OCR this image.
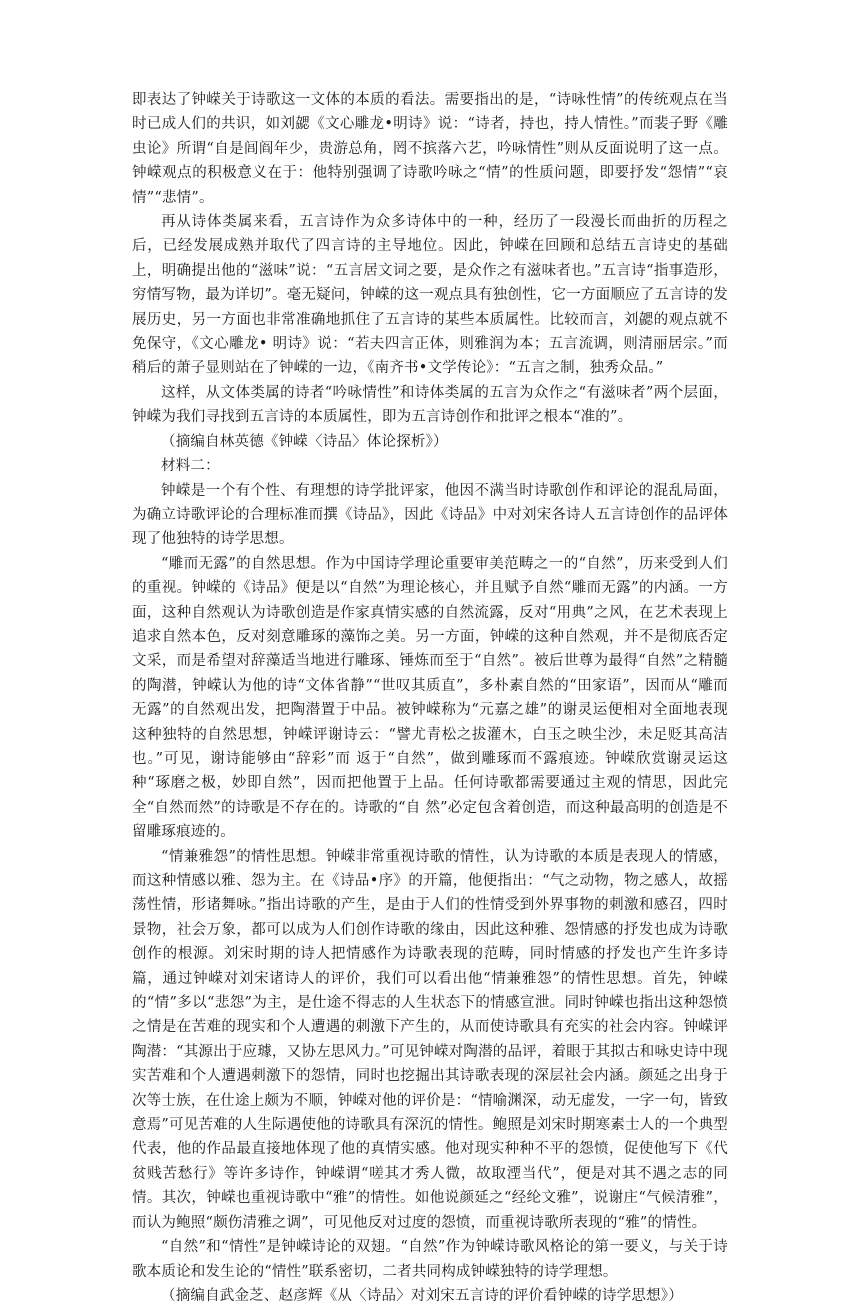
即表达了钟嵘关于诗歌这一文体的本质的看法。需要指出的是，“诗咏性情”的传统观点在当时已成人们的共识，如刘勰《文心雕龙•明诗》说：“诗者，持也，持人情性。”而裴子野《雕虫论》所谓“自是闾阎年少，贵游总角，罔不摈落六艺，吟咏情性”则从反面说明了这一点。钟嵘观点的积极意义在于：他特别强调了诗歌吟咏之“情”的性质问题，即要抒发“怨情”“哀情”“悲情”。

再从诗体类属来看，五言诗作为众多诗体中的一种，经历了一段漫长而曲折的历程之后，已经发展成熟并取代了四言诗的主导地位。因此，钟嵘在回顾和总结五言诗史的基础上，明确提出他的“滋味”说：“五言居文词之要，是众作之有滋味者也。”五言诗“指事造形，穷情写物，最为详切”。毫无疑问，钟嵘的这一观点具有独创性，它一方面顺应了五言诗的发展历史，另一方面也非常准确地抓住了五言诗的某些本质属性。比较而言，刘勰的观点就不免保守，《文心雕龙• 明诗》说：“若夫四言正体，则雅润为本；五言流调，则清丽居宗。”而稍后的萧子显则站在了钟嵘的一边，《南齐书•文学传论》：“五言之制，独秀众品。”

这样，从文体类属的诗者“吟咏情性”和诗体类属的五言为众作之“有滋味者”两个层面，钟嵘为我们寻找到五言诗的本质属性，即为五言诗创作和批评之根本“准的”。

（摘编自林英德《钟嵘〈诗品〉体论探析》）

材料二：

钟嵘是一个有个性、有理想的诗学批评家，他因不满当时诗歌创作和评论的混乱局面，为确立诗歌评论的合理标准而撰《诗品》，因此《诗品》中对刘宋各诗人五言诗创作的品评体现了他独特的诗学思想。

“雕而无露”的自然思想。作为中国诗学理论重要审美范畴之一的“自然”，历来受到人们的重视。钟嵘的《诗品》便是以“自然”为理论核心，并且赋予自然“雕而无露”的内涵。一方面，这种自然观认为诗歌创造是作家真情实感的自然流露，反对“用典”之风，在艺术表现上追求自然本色，反对刻意雕琢的藻饰之美。另一方面，钟嵘的这种自然观，并不是彻底否定文采，而是希望对辞藻适当地进行雕琢、锤炼而至于“自然”。被后世尊为最得“自然”之精髓的陶潜，钟嵘认为他的诗“文体省静”“世叹其质直”，多朴素自然的“田家语”，因而从“雕而无露”的自然观出发，把陶潜置于中品。被钟嵘称为“元嘉之雄”的谢灵运便相对全面地表现这种独特的自然思想，钟嵘评谢诗云：“譬尤青松之拔灌木，白玉之映尘沙，未足贬其高洁也。”可见，谢诗能够由“辞彩”而 返于“自然”，做到雕琢而不露痕迹。钟嵘欣赏谢灵运这种“琢磨之极，妙即自然”，因而把他置于上品。任何诗歌都需要通过主观的情思，因此完全“自然而然”的诗歌是不存在的。诗歌的“自 然”必定包含着创造，而这种最高明的创造是不留雕琢痕迹的。

“情兼雅怨”的情性思想。钟嵘非常重视诗歌的情性，认为诗歌的本质是表现人的情感，而这种情感以雅、怨为主。在《诗品•序》的开篇，他便指出：“气之动物，物之感人，故摇荡性情，形诸舞咏。”指出诗歌的产生，是由于人们的性情受到外界事物的刺激和感召，四时景物，社会万象，都可以成为人们创作诗歌的缘由，因此这种雅、怨情感的抒发也成为诗歌创作的根源。刘宋时期的诗人把情感作为诗歌表现的范畴，同时情感的抒发也产生许多诗篇，通过钟嵘对刘宋诸诗人的评价，我们可以看出他“情兼雅怨”的情性思想。首先，钟嵘的“情”多以“悲怨”为主，是仕途不得志的人生状态下的情感宣泄。同时钟嵘也指出这种怨愤之情是在苦难的现实和个人遭遇的刺激下产生的，从而使诗歌具有充实的社会内容。钟嵘评陶潜：“其源出于应璩，又协左思风力。”可见钟嵘对陶潜的品评，着眼于其拟古和咏史诗中现实苦难和个人遭遇刺激下的怨情，同时也挖掘出其诗歌表现的深层社会内涵。颜延之出身于次等士族，在仕途上颇为不顺，钟嵘对他的评价是：“情喻渊深，动无虚发，一字一句，皆致意焉”可见苦难的人生际遇使他的诗歌具有深沉的情性。鲍照是刘宋时期寒素士人的一个典型代表，他的作品最直接地体现了他的真情实感。他对现实种种不平的怨愤，促使他写下《代贫贱苦愁行》等许多诗作，钟嵘谓“嗟其才秀人微，故取湮当代”，便是对其不遇之志的同情。其次，钟嵘也重视诗歌中“雅”的情性。如他说颜延之“经纶文雅”，说谢庄“气候清雅”，而认为鲍照“颇伤清雅之调”，可见他反对过度的怨愤，而重视诗歌所表现的“雅”的情性。

“自然”和“情性”是钟嵘诗论的双翅。“自然”作为钟嵘诗歌风格论的第一要义，与关于诗歌本质论和发生论的“情性”联系密切，二者共同构成钟嵘独特的诗学理想。

（摘编自武金芝、赵彦辉《从〈诗品〉对刘宋五言诗的评价看钟嵘的诗学思想》）
